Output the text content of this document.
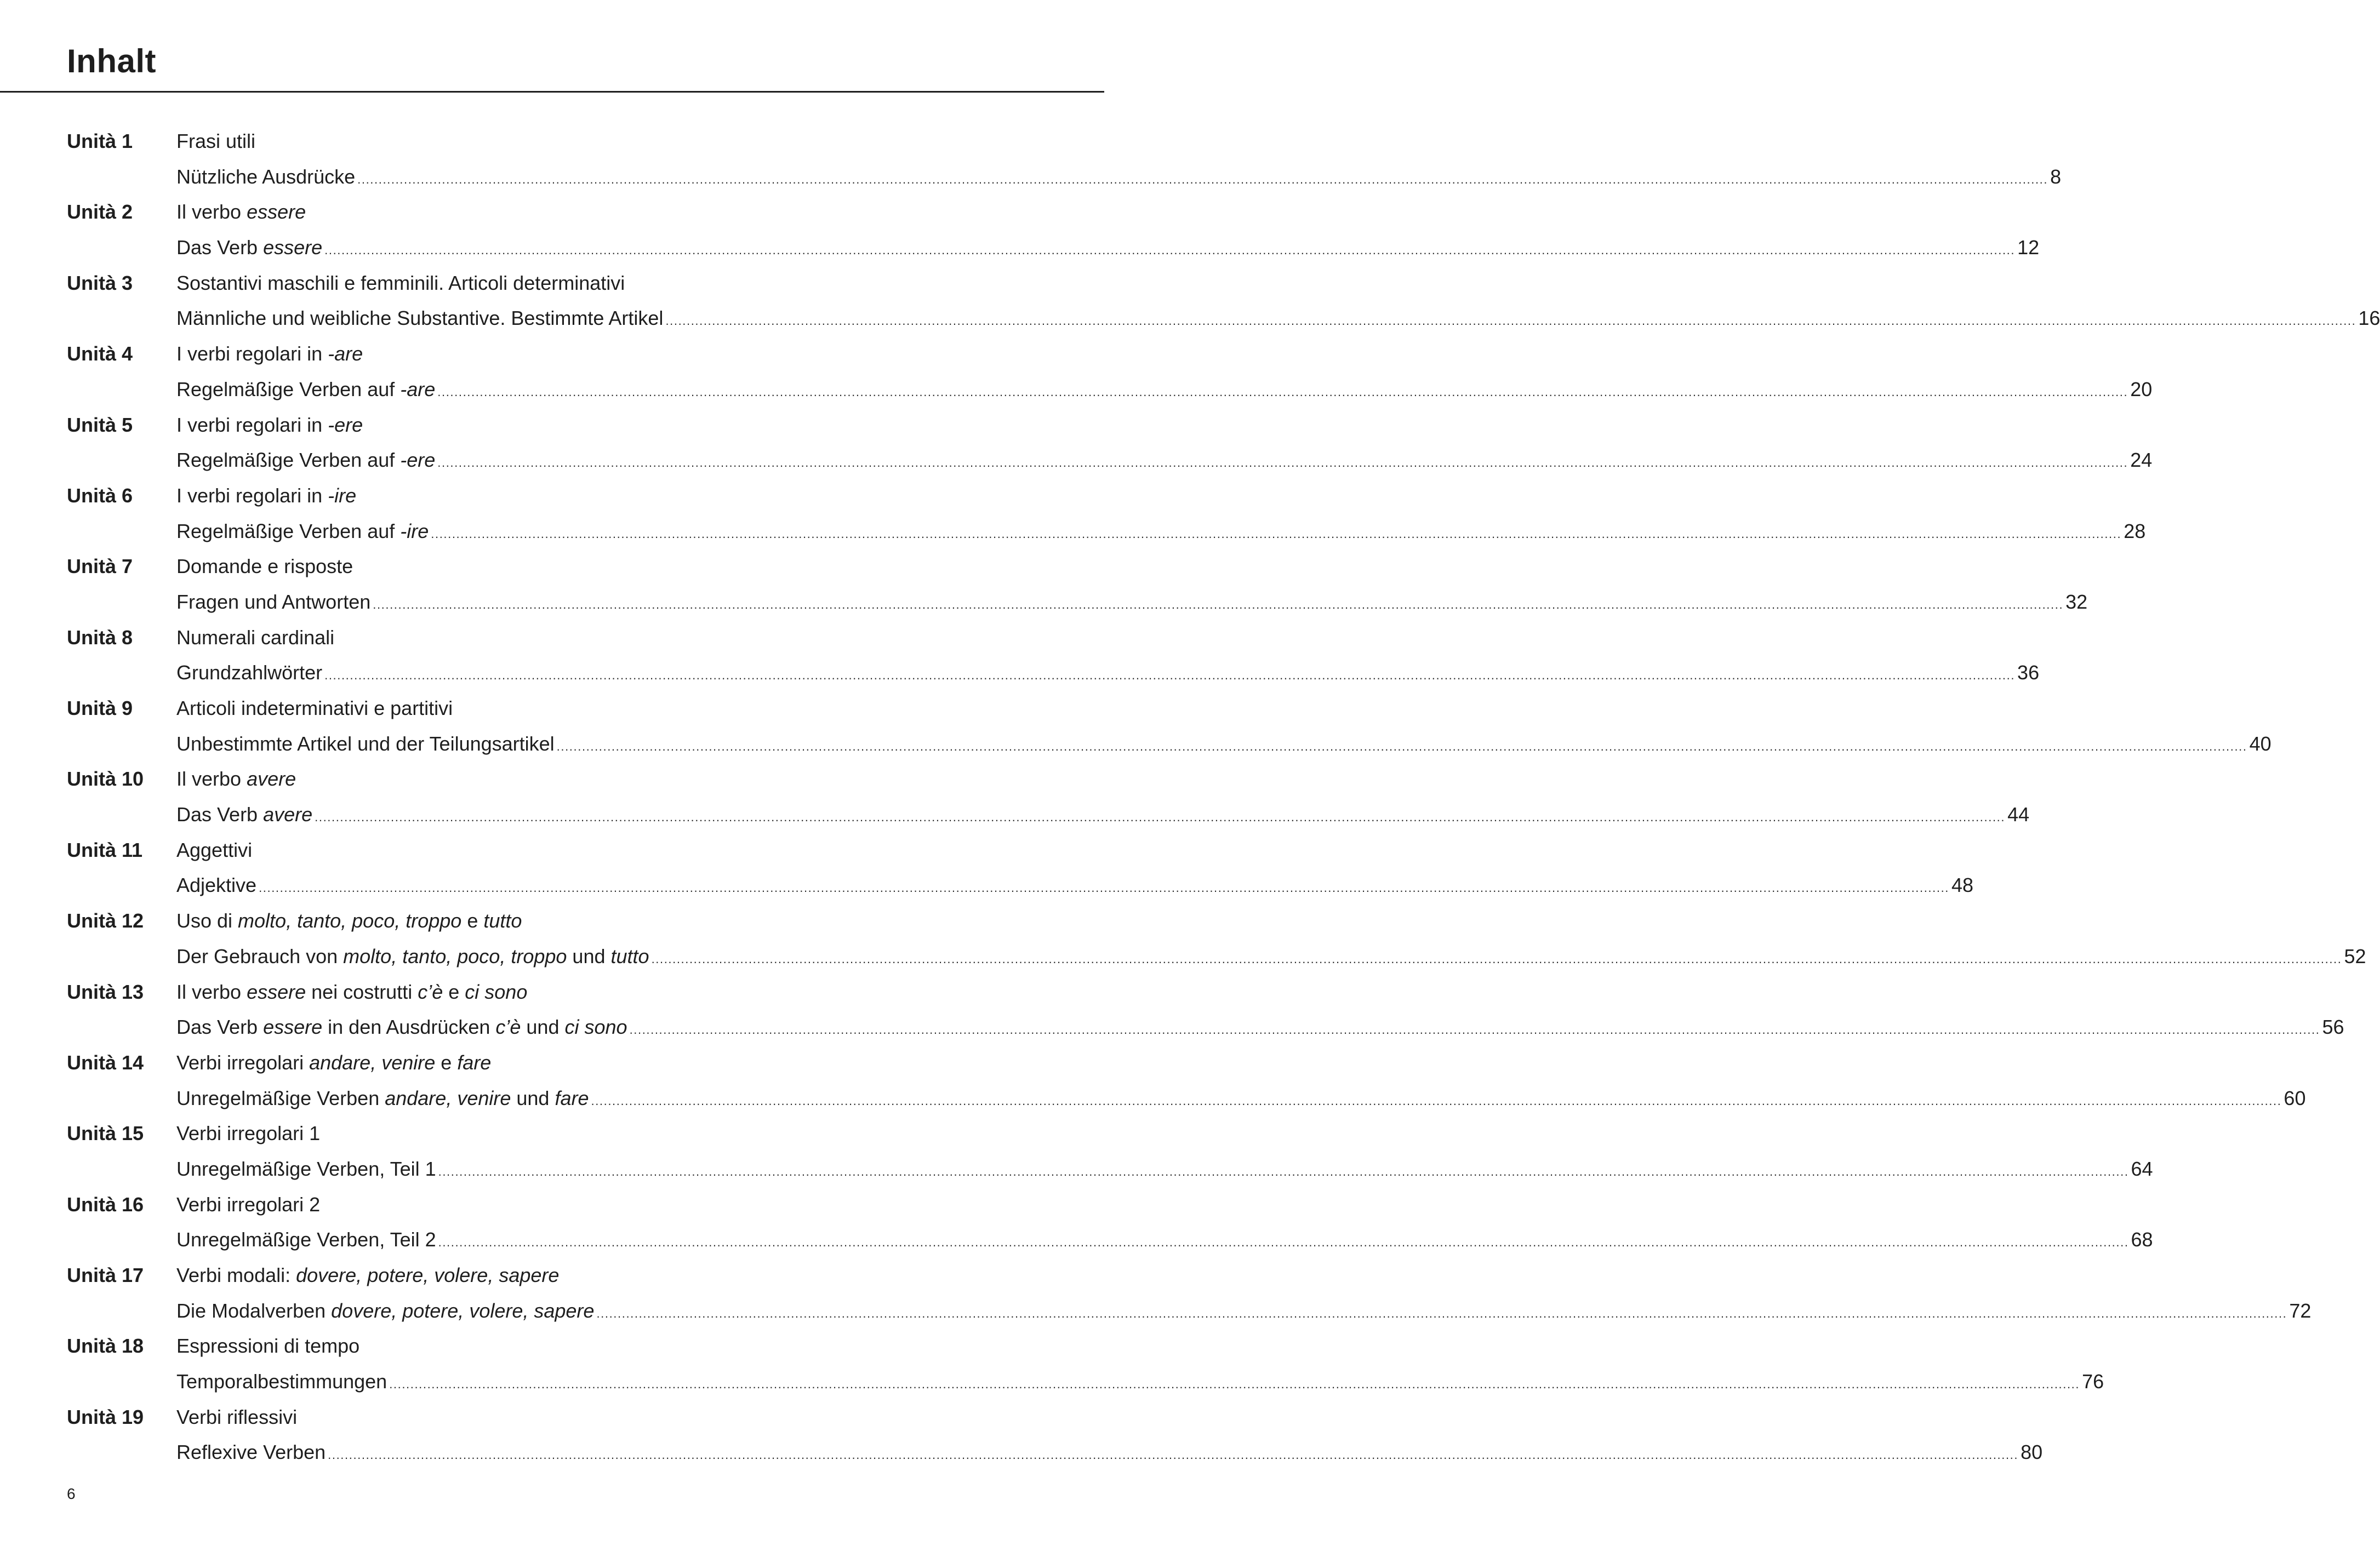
Inhalt
Unità 1 Frasi utili
Nützliche Ausdrücke ................................................................................................................................................................................................................................................................................................................................................................................................................ 8
Unità 2 Il verbo essere
Das Verb essere ................................................................................................................................................................................................................................................................................................................................................................................................................ 12
Unità 3 Sostantivi maschili e femminili. Articoli determinativi
Männliche und weibliche Substantive. Bestimmte Artikel ................................................................................................................................................................................................................................................................................................................................................................................................................ 16
Unità 4 I verbi regolari in -are
Regelmäßige Verben auf -are ................................................................................................................................................................................................................................................................................................................................................................................................................ 20
Unità 5 I verbi regolari in -ere
Regelmäßige Verben auf -ere ................................................................................................................................................................................................................................................................................................................................................................................................................ 24
Unità 6 I verbi regolari in -ire
Regelmäßige Verben auf -ire ................................................................................................................................................................................................................................................................................................................................................................................................................ 28
Unità 7 Domande e risposte
Fragen und Antworten ................................................................................................................................................................................................................................................................................................................................................................................................................ 32
Unità 8 Numerali cardinali
Grundzahlwörter ................................................................................................................................................................................................................................................................................................................................................................................................................ 36
Unità 9 Articoli indeterminativi e partitivi
Unbestimmte Artikel und der Teilungsartikel ................................................................................................................................................................................................................................................................................................................................................................................................................ 40
Unità 10 Il verbo avere
Das Verb avere ................................................................................................................................................................................................................................................................................................................................................................................................................ 44
Unità 11 Aggettivi
Adjektive ................................................................................................................................................................................................................................................................................................................................................................................................................ 48
Unità 12 Uso di molto, tanto, poco, troppo e tutto
Der Gebrauch von molto, tanto, poco, troppo und tutto ................................................................................................................................................................................................................................................................................................................................................................................................................ 52
Unità 13 Il verbo essere nei costrutti c’è e ci sono
Das Verb essere in den Ausdrücken c’è und ci sono ................................................................................................................................................................................................................................................................................................................................................................................................................ 56
Unità 14 Verbi irregolari andare, venire e fare
Unregelmäßige Verben andare, venire und fare ................................................................................................................................................................................................................................................................................................................................................................................................................ 60
Unità 15 Verbi irregolari 1
Unregelmäßige Verben, Teil 1 ................................................................................................................................................................................................................................................................................................................................................................................................................ 64
Unità 16 Verbi irregolari 2
Unregelmäßige Verben, Teil 2 ................................................................................................................................................................................................................................................................................................................................................................................................................ 68
Unità 17 Verbi modali: dovere, potere, volere, sapere
Die Modalverben dovere, potere, volere, sapere ................................................................................................................................................................................................................................................................................................................................................................................................................ 72
Unità 18 Espressioni di tempo
Temporalbestimmungen ................................................................................................................................................................................................................................................................................................................................................................................................................ 76
Unità 19 Verbi riflessivi
Reflexive Verben ................................................................................................................................................................................................................................................................................................................................................................................................................ 80
6
